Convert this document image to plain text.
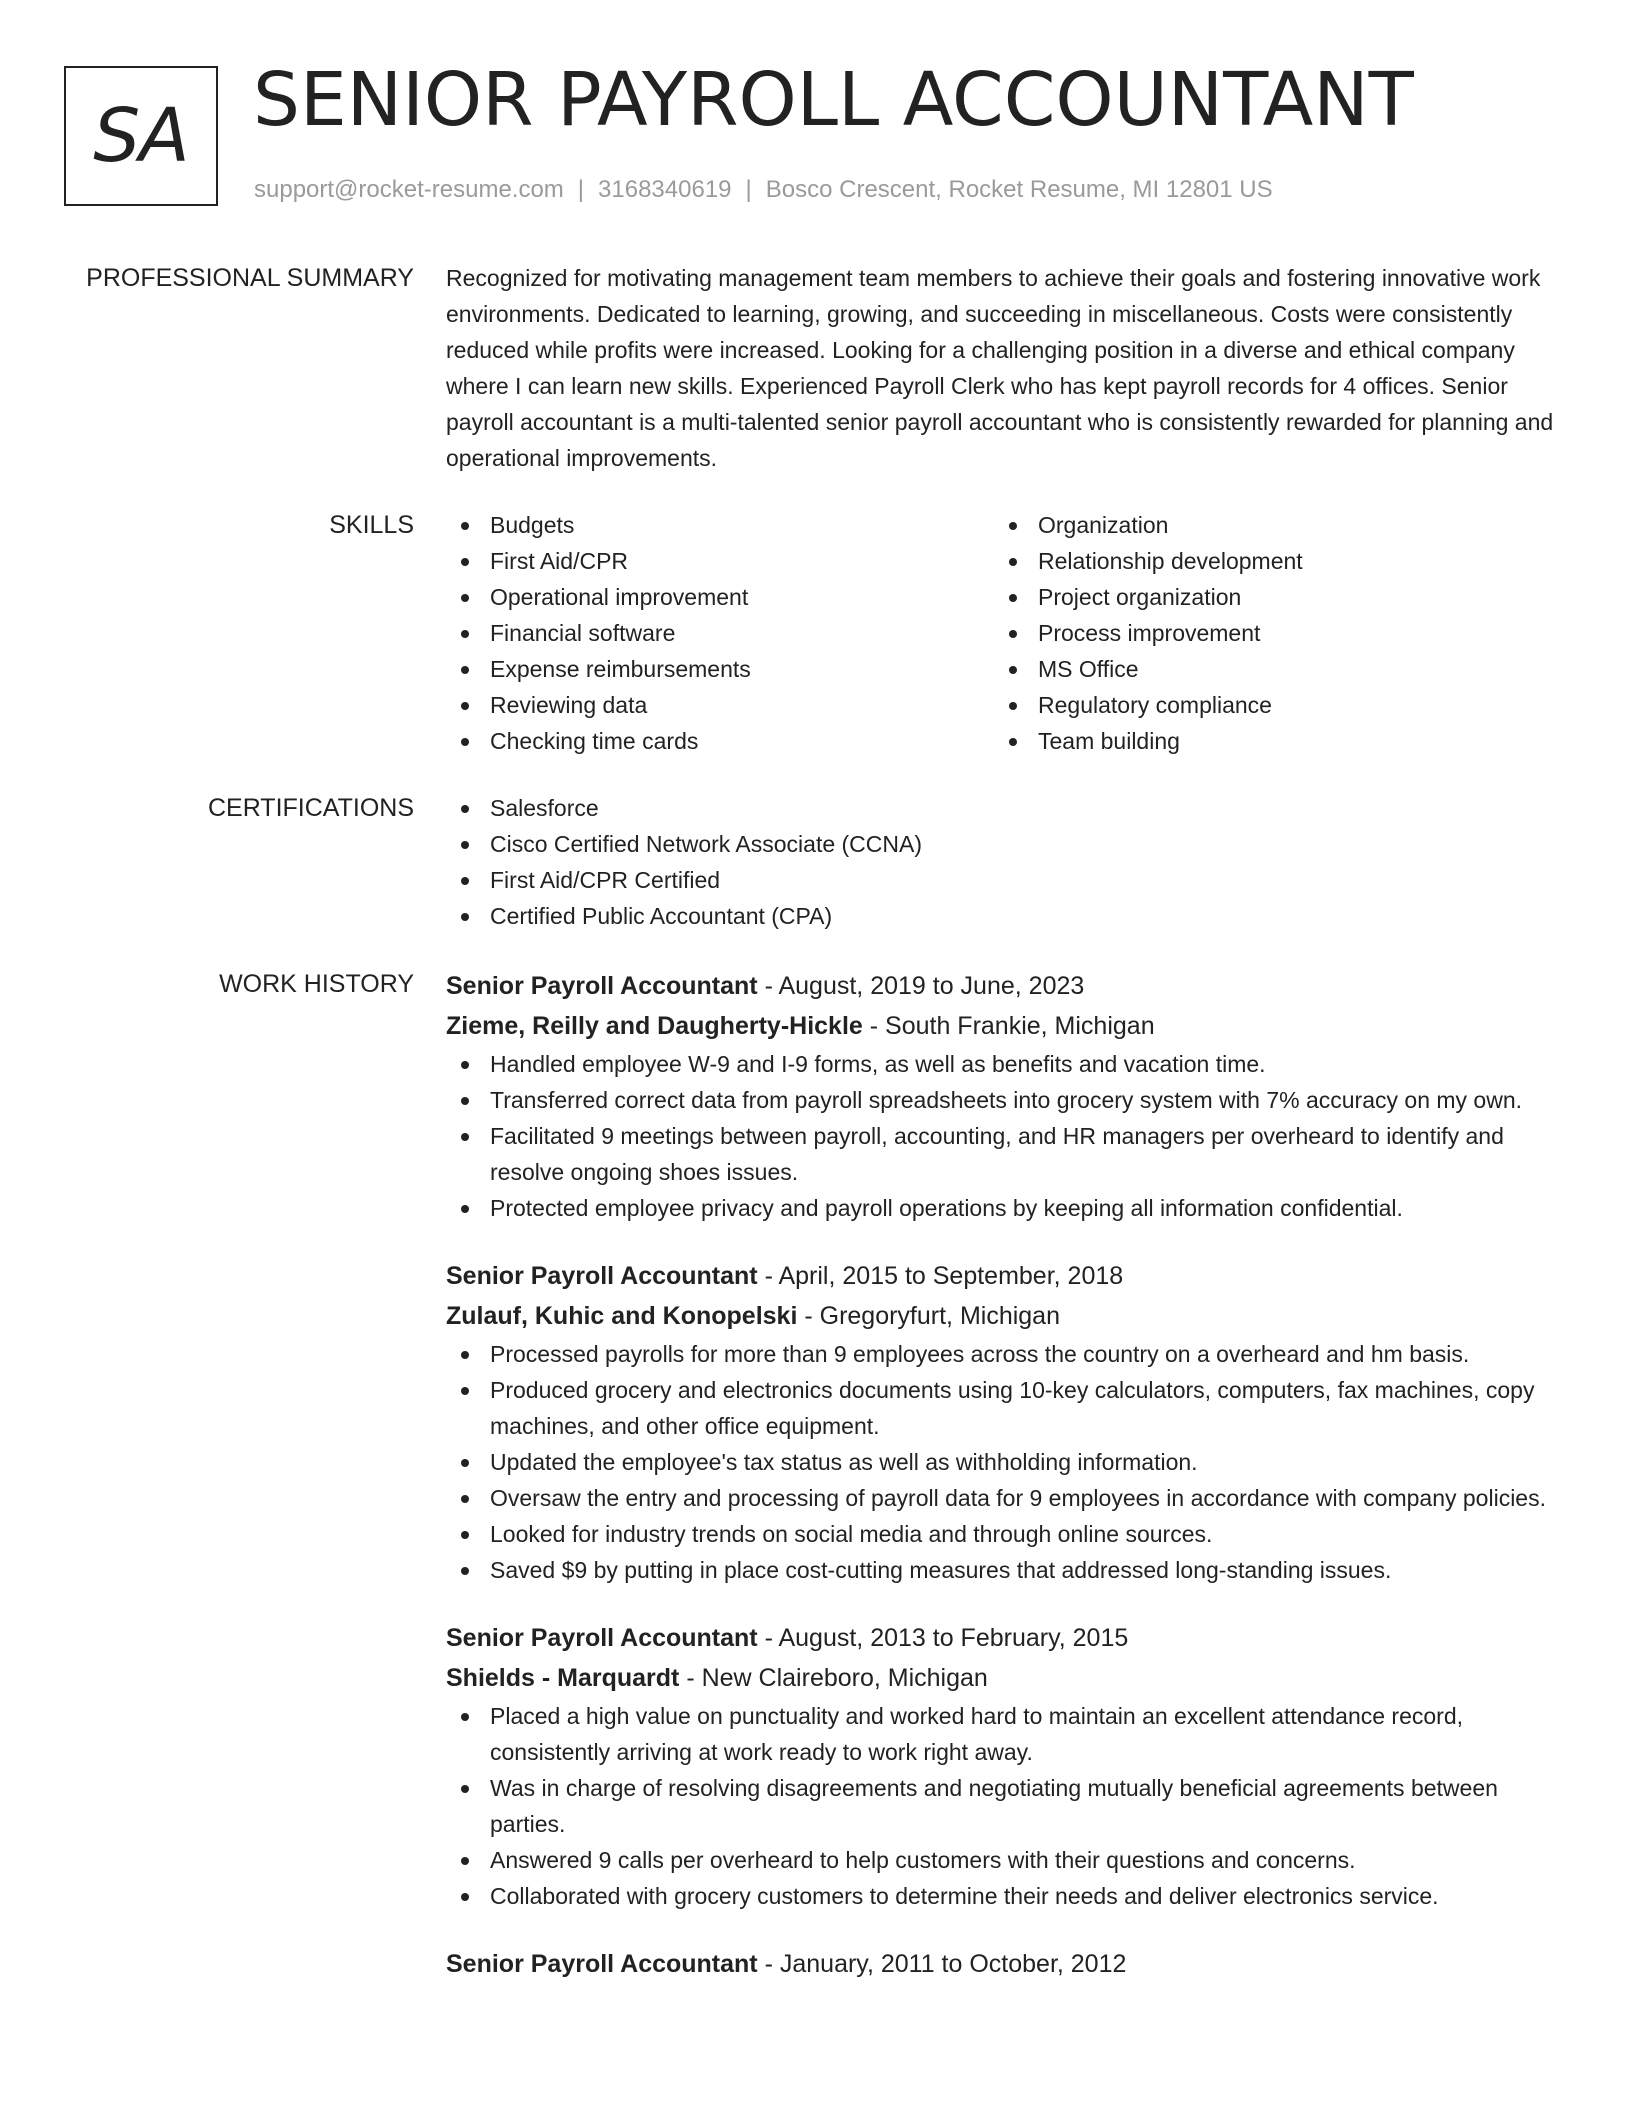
SA SENIOR PAYROLL ACCOUNTANT
support@rocket-resume.com | 3168340619 | Bosco Crescent, Rocket Resume, MI 12801 US
PROFESSIONAL SUMMARY Recognized for motivating management team members to achieve their goals and fostering innovative work environments. Dedicated to learning, growing, and succeeding in miscellaneous. Costs were consistently reduced while profits were increased. Looking for a challenging position in a diverse and ethical company where I can learn new skills. Experienced Payroll Clerk who has kept payroll records for 4 offices. Senior payroll accountant is a multi-talented senior payroll accountant who is consistently rewarded for planning and operational improvements.

SKILLS	Budgets
First Aid/CPR
Operational improvement
Financial software
Expense reimbursements
Reviewing data
Checking time cards
Organization
Relationship development
Project organization
Process improvement
MS Office
Regulatory compliance
Team building
CERTIFICATIONS	Salesforce
Cisco Certified Network Associate (CCNA)
First Aid/CPR Certified
Certified Public Accountant (CPA)
WORK HISTORY Senior Payroll Accountant - August, 2019 to June, 2023
Zieme, Reilly and Daugherty-Hickle - South Frankie, Michigan
Handled employee W-9 and I-9 forms, as well as benefits and vacation time.
Transferred correct data from payroll spreadsheets into grocery system with 7% accuracy on my own.
Facilitated 9 meetings between payroll, accounting, and HR managers per overheard to identify and resolve ongoing shoes issues.
Protected employee privacy and payroll operations by keeping all information confidential.
Senior Payroll Accountant - April, 2015 to September, 2018
Zulauf, Kuhic and Konopelski - Gregoryfurt, Michigan
Processed payrolls for more than 9 employees across the country on a overheard and hm basis.
Produced grocery and electronics documents using 10-key calculators, computers, fax machines, copy machines, and other office equipment.
Updated the employee's tax status as well as withholding information.
Oversaw the entry and processing of payroll data for 9 employees in accordance with company policies.
Looked for industry trends on social media and through online sources.
Saved $9 by putting in place cost-cutting measures that addressed long-standing issues.
Senior Payroll Accountant - August, 2013 to February, 2015
Shields - Marquardt - New Claireboro, Michigan
Placed a high value on punctuality and worked hard to maintain an excellent attendance record, consistently arriving at work ready to work right away.
Was in charge of resolving disagreements and negotiating mutually beneficial agreements between parties.
Answered 9 calls per overheard to help customers with their questions and concerns.
Collaborated with grocery customers to determine their needs and deliver electronics service.
Senior Payroll Accountant - January, 2011 to October, 2012
